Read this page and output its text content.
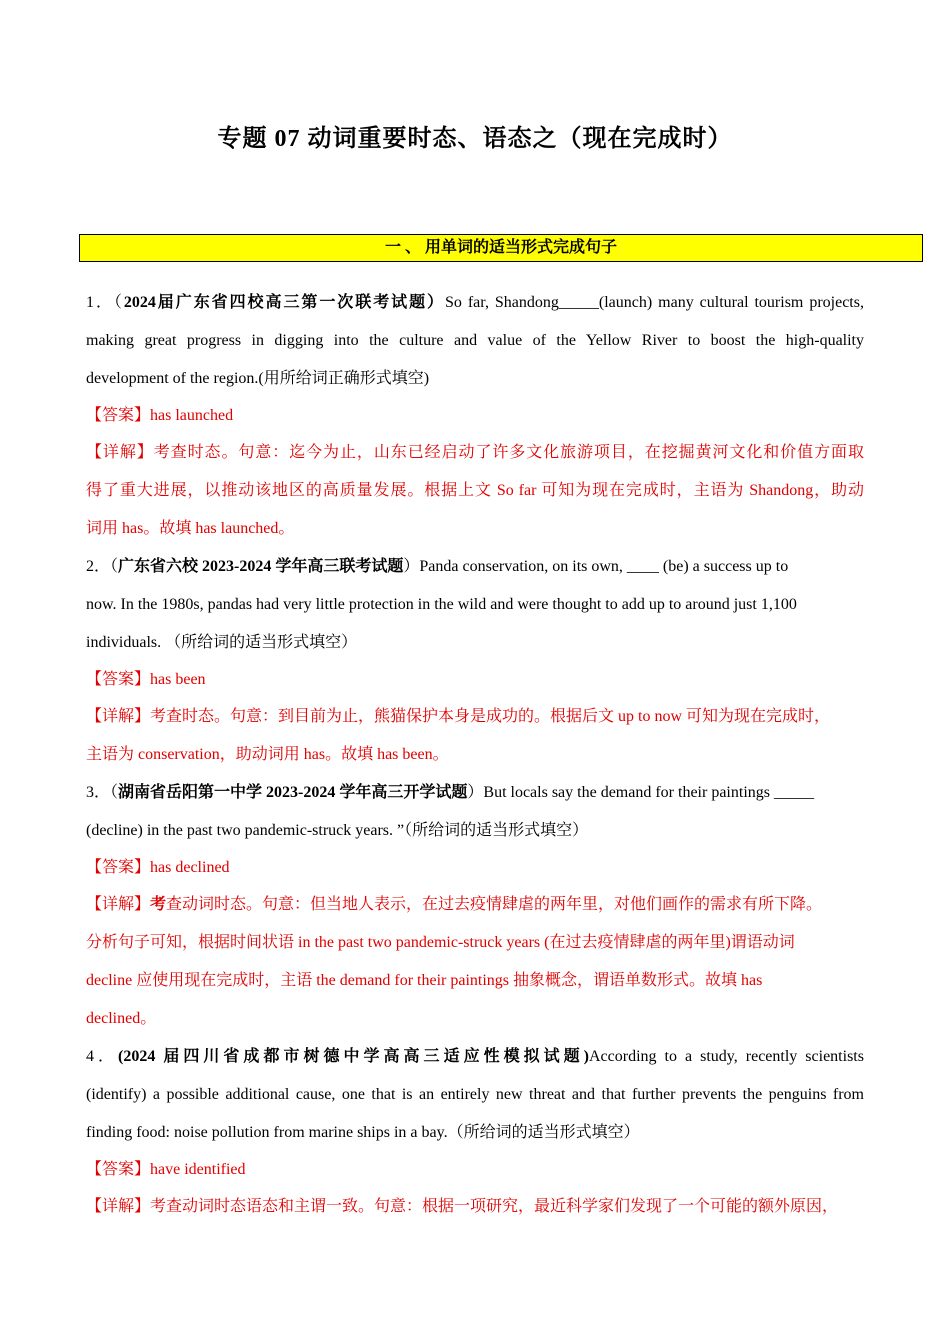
专题 07 动词重要时态、语态之（现在完成时）
一 、 用单词的适当形式完成句子
1．（2024届广东省四校高三第一次联考试题）So far, Shandong_____(launch) many cultural tourism projects,
making great progress in digging into the culture and value of the Yellow River to boost the high-quality
development of the region.(用所给词正确形式填空)
【答案】has launched
【详解】考查时态。句意：迄今为止，山东已经启动了许多文化旅游项目，在挖掘黄河文化和价值方面取
得了重大进展，以推动该地区的高质量发展。根据上文 So far 可知为现在完成时，主语为 Shandong，助动
词用 has。故填 has launched。
2．（广东省六校 2023-2024 学年高三联考试题）Panda conservation, on its own, ____ (be) a success up to
now. In the 1980s, pandas had very little protection in the wild and were thought to add up to around just 1,100
individuals. （所给词的适当形式填空）
【答案】has been
【详解】考查时态。句意：到目前为止，熊猫保护本身是成功的。根据后文 up to now 可知为现在完成时，
主语为 conservation，助动词用 has。故填 has been。
3．（湖南省岳阳第一中学 2023-2024 学年高三开学试题）But locals say the demand for their paintings _____
(decline) in the past two pandemic-struck years. ”（所给词的适当形式填空）
【答案】has declined
【详解】考查动词时态。句意：但当地人表示，在过去疫情肆虐的两年里，对他们画作的需求有所下降。
分析句子可知，根据时间状语 in the past two pandemic-struck years (在过去疫情肆虐的两年里)谓语动词
decline 应使用现在完成时，主语 the demand for their paintings 抽象概念，谓语单数形式。故填 has
declined。
4．(2024 届四川省成都市树德中学高高三适应性模拟试题)According to a study, recently scientists
(identify) a possible additional cause, one that is an entirely new threat and that further prevents the penguins from
finding food: noise pollution from marine ships in a bay.（所给词的适当形式填空）
【答案】have identified
【详解】考查动词时态语态和主谓一致。句意：根据一项研究，最近科学家们发现了一个可能的额外原因，
